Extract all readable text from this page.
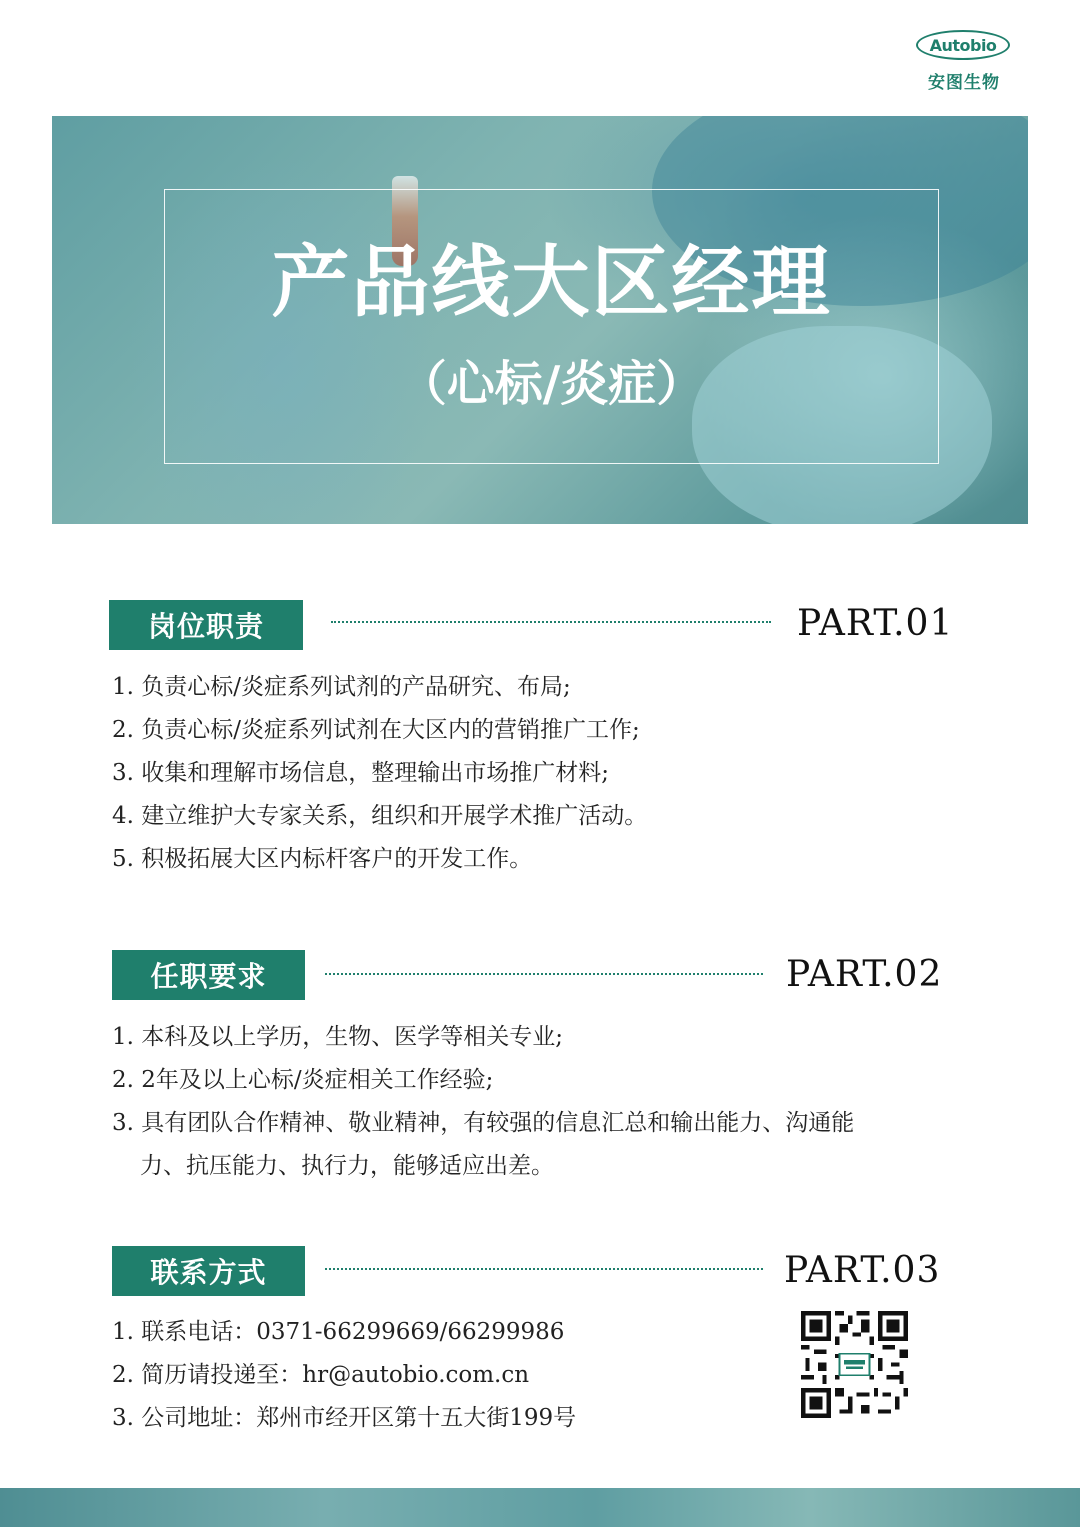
Autobio
安图生物
产品线大区经理
（心标/炎症）
岗位职责	PART.01
1. 负责心标/炎症系列试剂的产品研究、布局;
2. 负责心标/炎症系列试剂在大区内的营销推广工作;
3. 收集和理解市场信息，整理输出市场推广材料;
4. 建立维护大专家关系，组织和开展学术推广活动。
5. 积极拓展大区内标杆客户的开发工作。
任职要求	PART.02
1. 本科及以上学历，生物、医学等相关专业;
2. 2年及以上心标/炎症相关工作经验;
3. 具有团队合作精神、敬业精神，有较强的信息汇总和输出能力、沟通能
力、抗压能力、执行力，能够适应出差。
联系方式	PART.03
1. 联系电话：0371-66299669/66299986
2. 简历请投递至：hr@autobio.com.cn
3. 公司地址：郑州市经开区第十五大街199号
